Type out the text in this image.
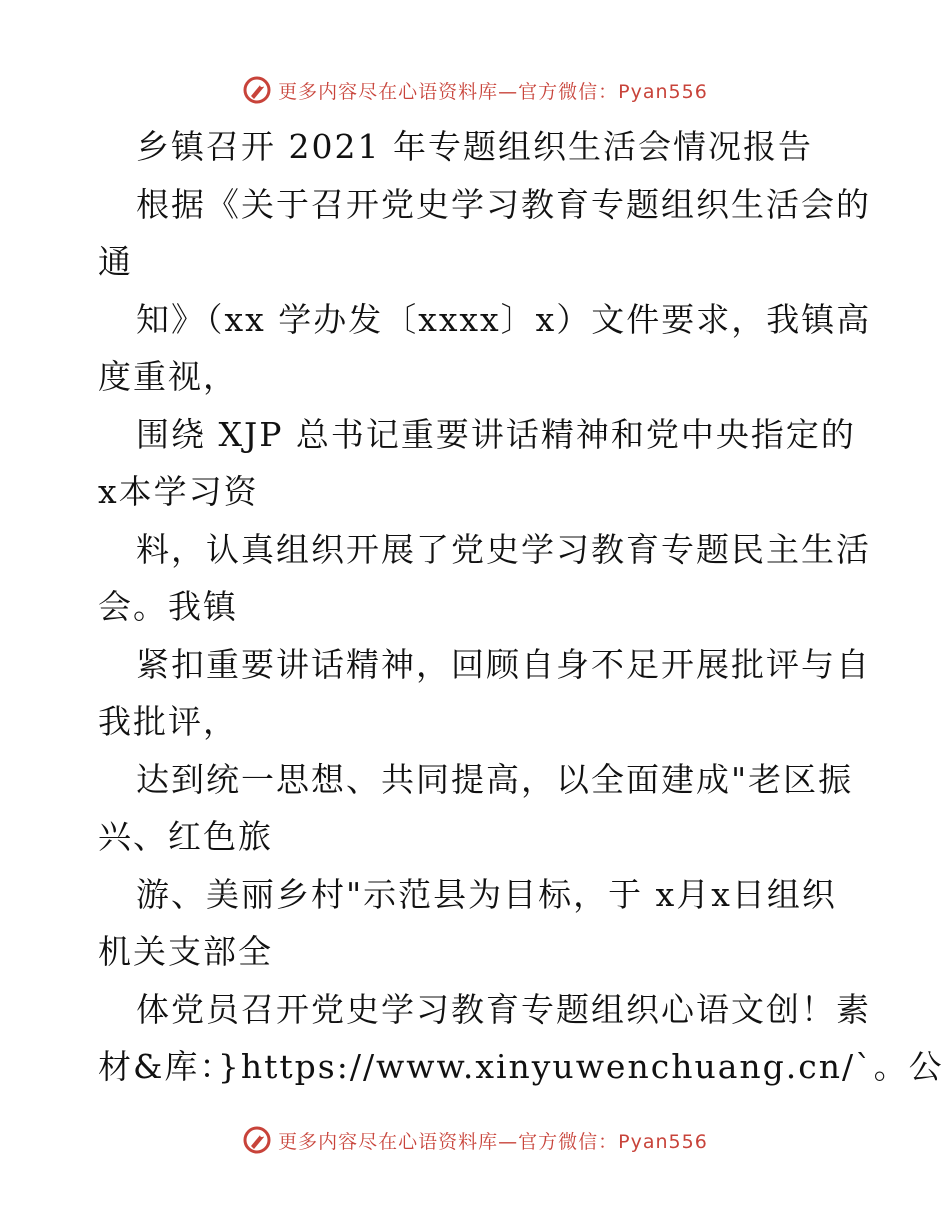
更多内容尽在心语资料库—官方微信：Pyan556
乡镇召开 2021 年专题组织生活会情况报告
根据《关于召开党史学习教育专题组织生活会的
通
知》（xx 学办发〔xxxx〕x）文件要求，我镇高
度重视，
围绕 XJP 总书记重要讲话精神和党中央指定的
x本学习资
料，认真组织开展了党史学习教育专题民主生活
会。我镇
紧扣重要讲话精神，回顾自身不足开展批评与自
我批评，
达到统一思想、共同提高，以全面建成"老区振
兴、红色旅
游、美丽乡村"示范县为目标，于 x月x日组织
机关支部全
体党员召开党史学习教育专题组织心语文创！素
材&库：}https://www.xinyuwenchuang.cn/`。公
更多内容尽在心语资料库—官方微信：Pyan556
